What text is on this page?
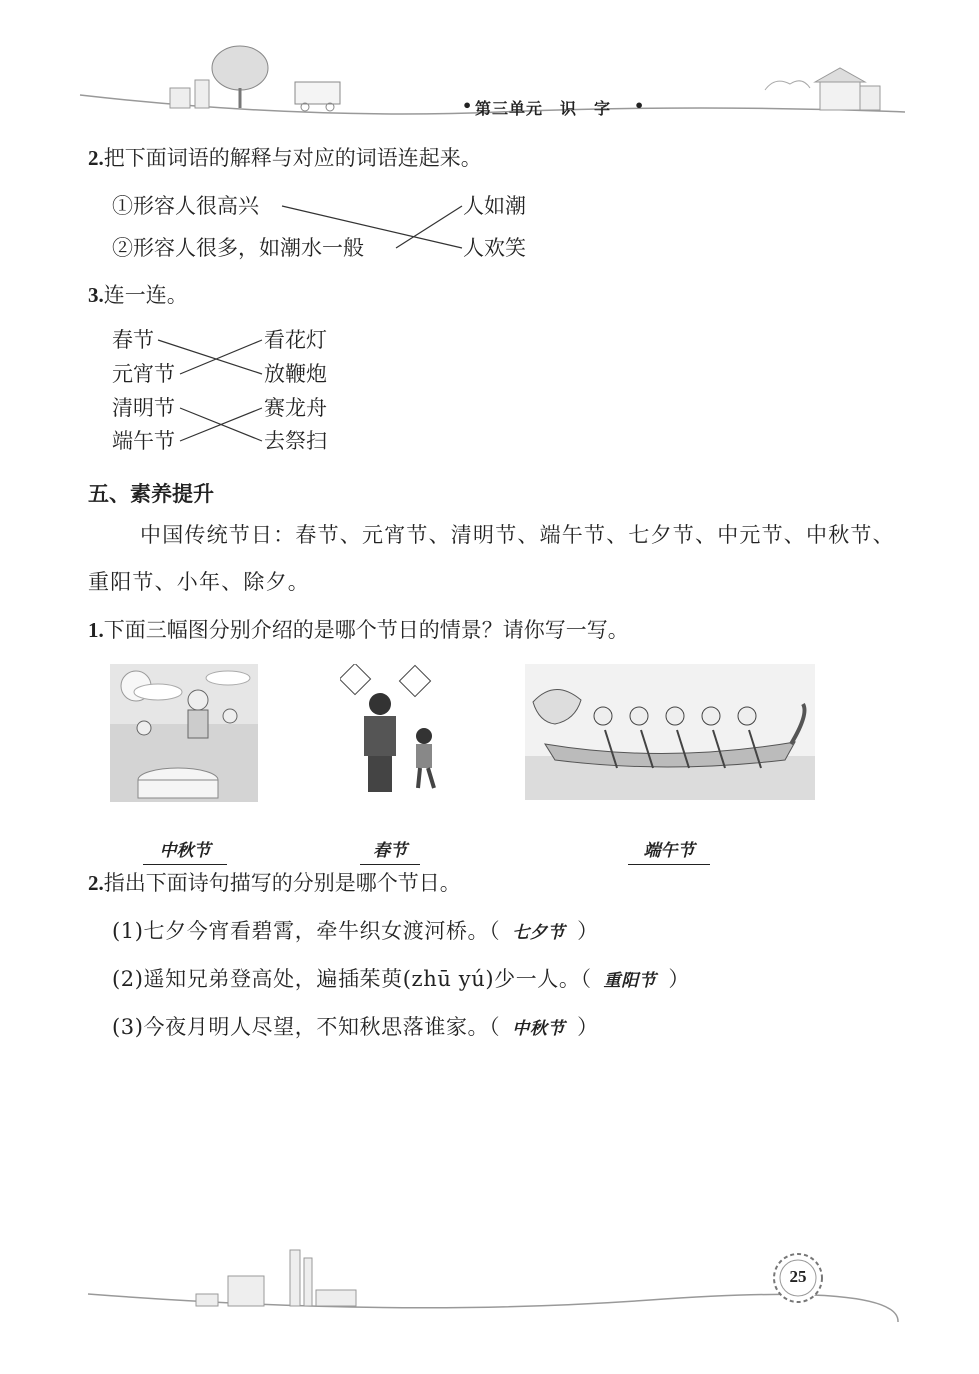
• 第三单元　识　字 •
2.把下面词语的解释与对应的词语连起来。
①形容人很高兴
②形容人很多，如潮水一般
人如潮
人欢笑
3.连一连。
春节
元宵节
清明节
端午节
看花灯
放鞭炮
赛龙舟
去祭扫
五、素养提升
中国传统节日：春节、元宵节、清明节、端午节、七夕节、中元节、中秋节、
重阳节、小年、除夕。
1.下面三幅图分别介绍的是哪个节日的情景？请你写一写。
中秋节	春节	端午节
2.指出下面诗句描写的分别是哪个节日。
(1)七夕今宵看碧霄，牵牛织女渡河桥。（ 七夕节 ）
(2)遥知兄弟登高处，遍插茱萸(zhū yú)少一人。（ 重阳节 ）
(3)今夜月明人尽望，不知秋思落谁家。（ 中秋节 ）
25
